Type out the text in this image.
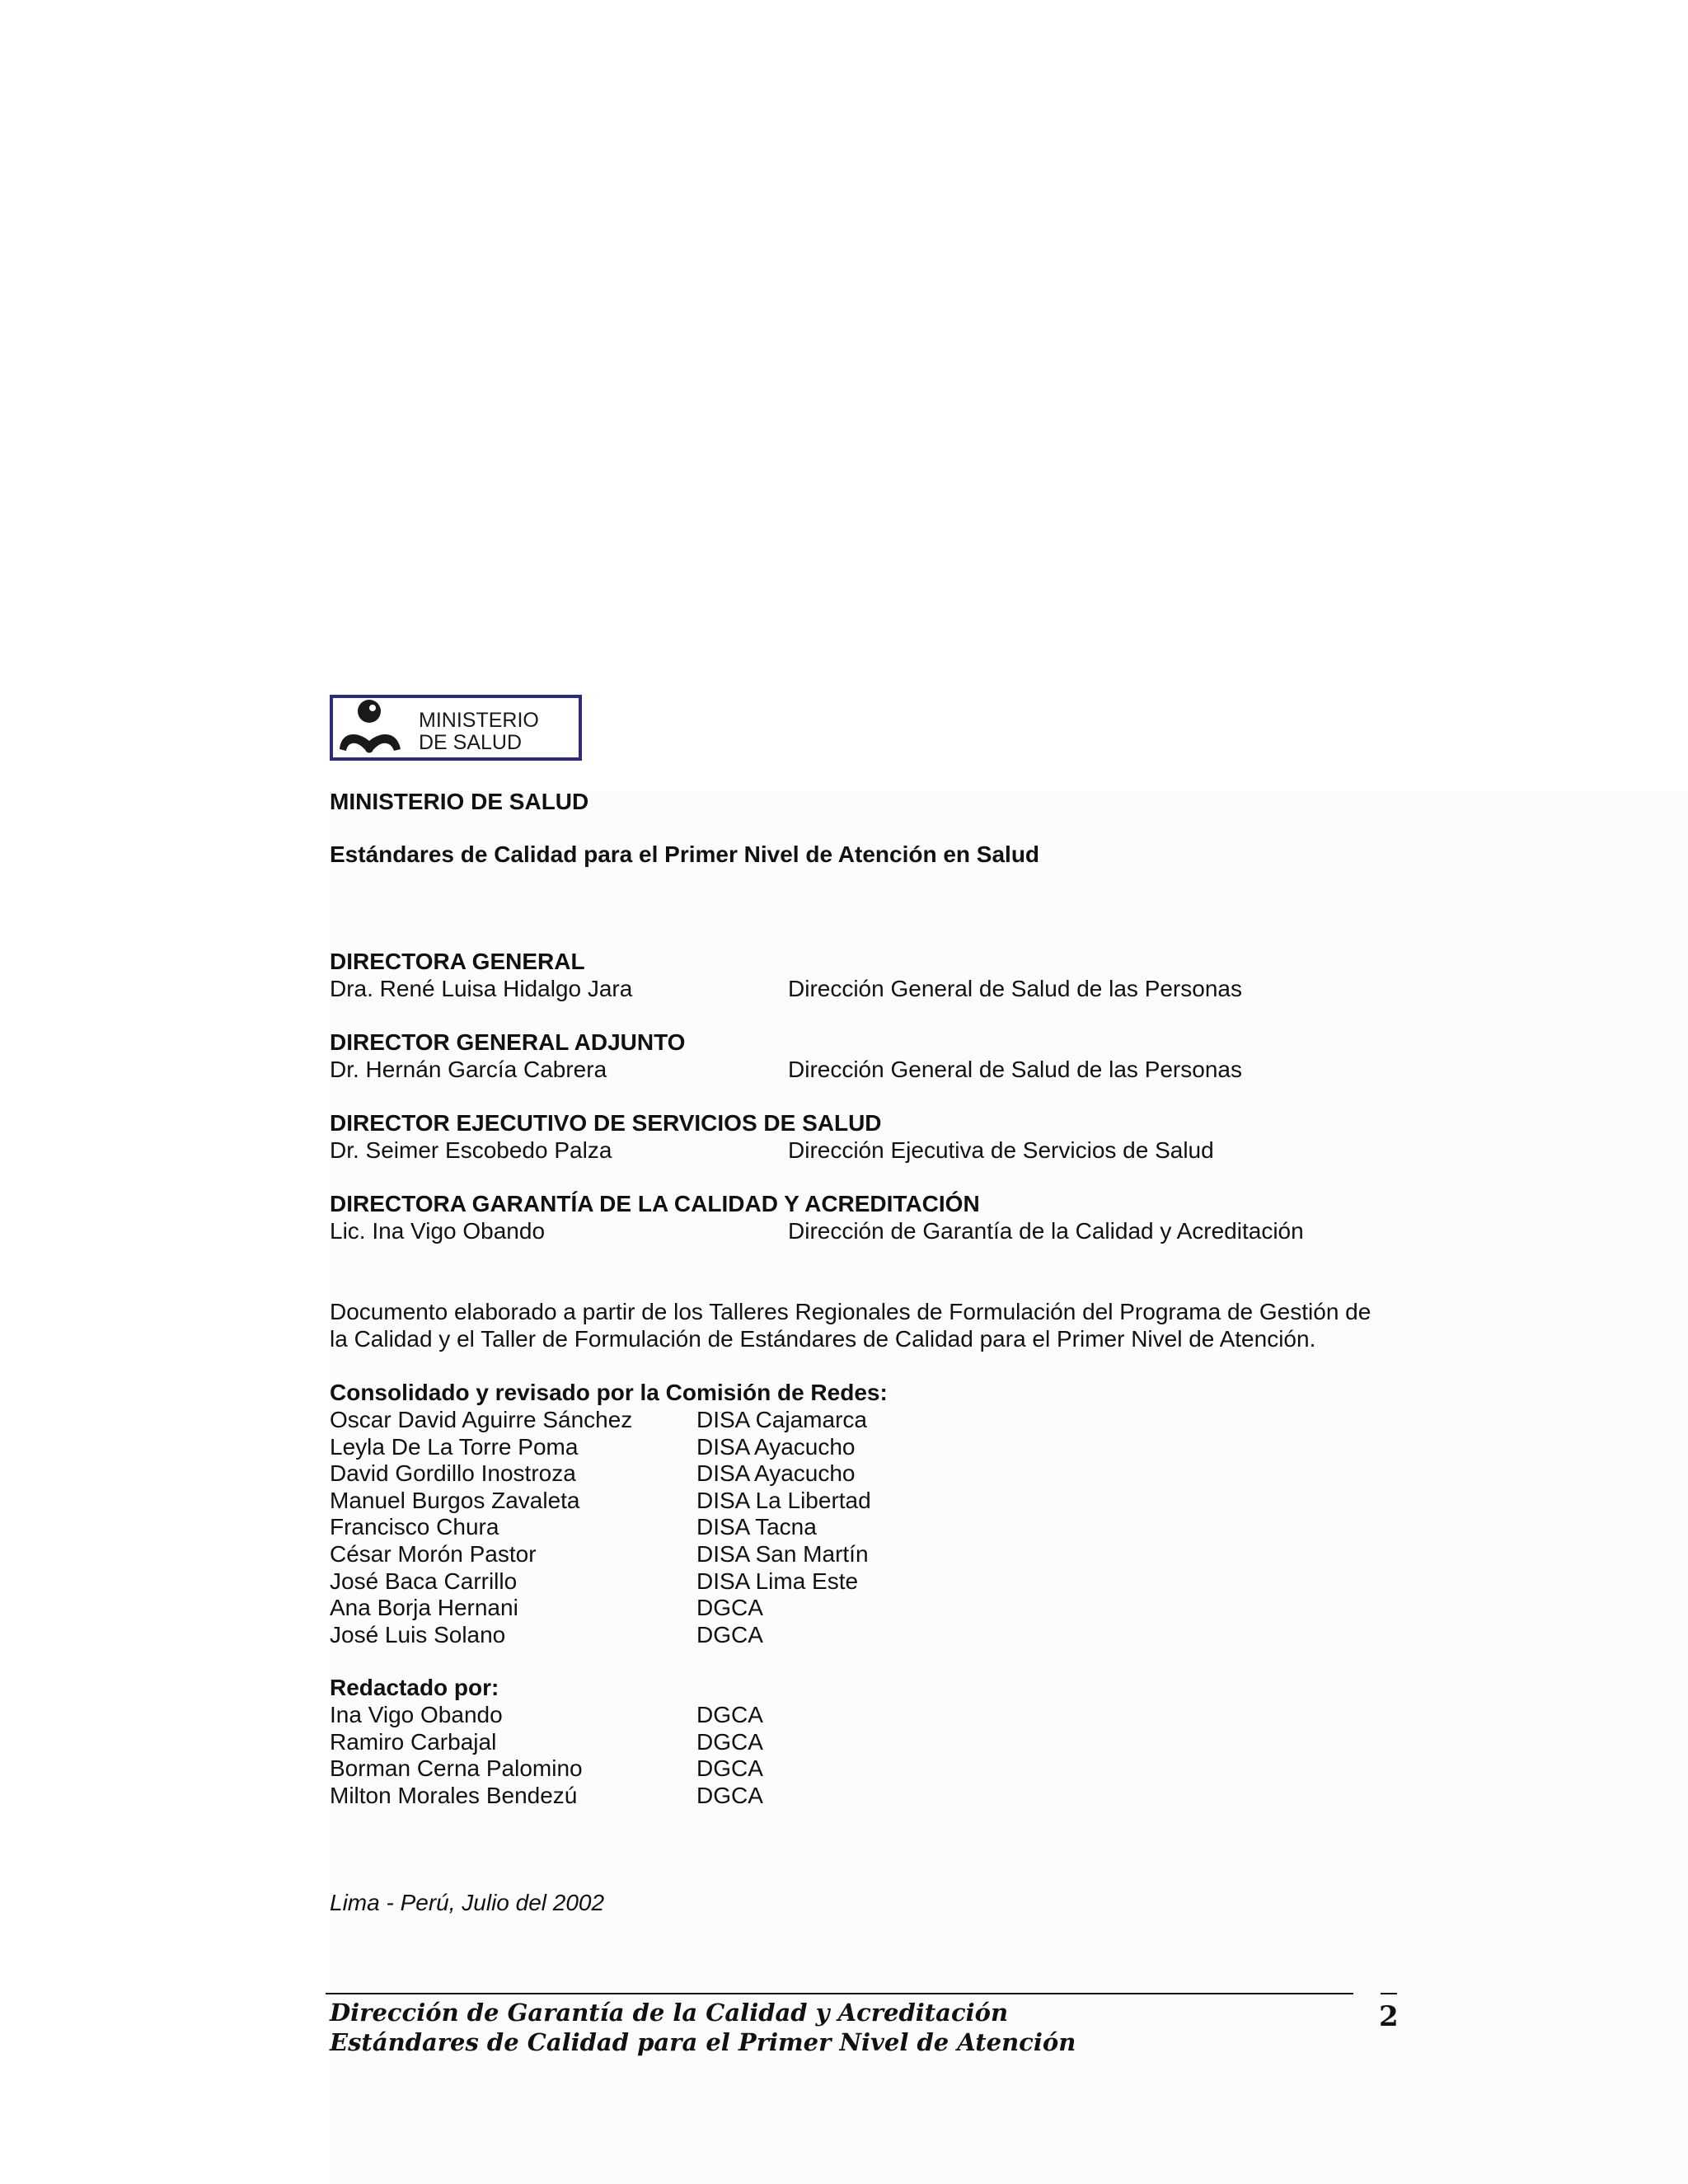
MINISTERIO
DE SALUD
MINISTERIO DE SALUD
Estándares de Calidad para el Primer Nivel de Atención en Salud
DIRECTORA GENERAL
Dra. René Luisa Hidalgo Jara	Dirección General de Salud de las Personas
DIRECTOR GENERAL ADJUNTO
Dr. Hernán García Cabrera	Dirección General de Salud de las Personas
DIRECTOR EJECUTIVO DE SERVICIOS DE SALUD
Dr. Seimer Escobedo Palza	Dirección Ejecutiva de Servicios de Salud
DIRECTORA GARANTÍA DE LA CALIDAD Y ACREDITACIÓN
Lic. Ina Vigo Obando	Dirección de Garantía de la Calidad y Acreditación
Documento elaborado a partir de los Talleres Regionales de Formulación del Programa de Gestión de
la Calidad y el Taller de Formulación de Estándares de Calidad para el Primer Nivel de Atención.
Consolidado y revisado por la Comisión de Redes:
Oscar David Aguirre Sánchez	DISA Cajamarca
Leyla De La Torre Poma	DISA Ayacucho
David Gordillo Inostroza	DISA Ayacucho
Manuel Burgos Zavaleta	DISA La Libertad
Francisco Chura	DISA Tacna
César Morón Pastor	DISA San Martín
José Baca Carrillo	DISA Lima Este
Ana Borja Hernani	DGCA
José Luis Solano	DGCA
Redactado por:
Ina Vigo Obando	DGCA
Ramiro Carbajal	DGCA
Borman Cerna Palomino	DGCA
Milton Morales Bendezú	DGCA
Lima - Perú, Julio del 2002
Dirección de Garantía de la Calidad y Acreditación
Estándares de Calidad para el Primer Nivel de Atención
2
